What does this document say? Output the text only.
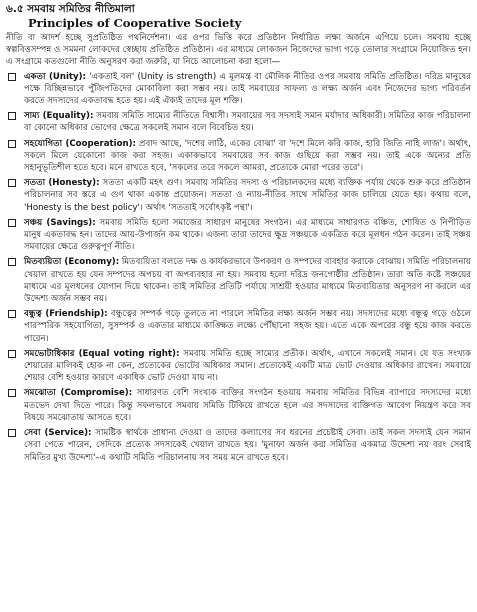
৬.৫ সমবায় সমিতির নীতিমালা
Principles of Cooperative Society

নীতি বা আদর্শ হচ্ছে সুপ্রতিষ্ঠিত পথনির্দেশনা। এর ওপর ভিত্তি করে প্রতিষ্ঠান নির্ধারিত লক্ষ্য অর্জনে এগিয়ে চলে। সমবায় হচ্ছে স্বল্পবিত্তসম্পন্ন ও সমমনা লোকদের স্বেচ্ছায় প্রতিষ্ঠিত প্রতিষ্ঠান। এর মাধ্যমে লোকজন নিজেদের ভাগ্য গড়ে তোলার সংগ্রামে নিয়োজিত হন। এ সংগ্রামে কতগুলো নীতি অনুসরণ করা জরুরি, যা নিচে আলোচনা করা হলো—

একতা (Unity): 'একতাই বল' (Unity is strength) এ মূলমন্ত্র বা মৌলিক নীতির ওপর সমবায় সমিতি প্রতিষ্ঠিত। দরিদ্র মানুষের পক্ষে বিচ্ছিন্নভাবে পুঁজিপতিদের মোকাবিলা করা সম্ভব নয়। তাই সমবায়ের সাফল্য ও লক্ষ্য অর্জন এবং নিজেদের ভাগ্য পরিবর্তন করতে সদস্যদের একতাবদ্ধ হতে হয়। এই ঐক্যই তাদের মূল শক্তি।
সাম্য (Equality): সমবায় সমিতি সাম্যের নীতিতে বিশ্বাসী। সমবায়ের সব সদস্যই সমান মর্যাদার অধিকারী। সমিতির কাজ পরিচালনা বা কোনো অধিকার ভোগের ক্ষেত্রে সকলেই সমান বলে বিবেচিত হয়।
সহযোগিতা (Cooperation): প্রবাদ আছে, 'দশের লাঠি, একের বোঝা' বা 'দশে মিলে করি কাজ, হারি জিতি নাহি লাজ'। অর্থাৎ, সকলে মিলে যেকোনো কাজ করা সহজ। একাকভাবে সমবায়ের সব কাজ গুছিয়ে করা সম্ভব নয়। তাই একে অন্যের প্রতি সহানুভূতিশীল হতে হবে। মনে রাখতে হবে, 'সকলের তরে সকলে আমরা, প্রত্যেকে মোরা পরের তরে'।
সততা (Honesty): সততা একটি মহৎ গুণ। সমবায় সমিতির সদস্য ও পরিচালকদের মধ্যে ব্যক্তিক পর্যায় থেকে শুরু করে প্রতিষ্ঠান পরিচালনার সব স্তরে এ গুণ থাকা একান্ত প্রয়োজন। সততা ও ন্যায়-নীতির সাথে সমিতির কাজ চালিয়ে যেতে হয়। কথায় বলে, 'Honesty is the best policy'। অর্থাৎ 'সততাই সর্বোৎকৃষ্ট পন্থা'।
সঞ্চয় (Savings): সমবায় সমিতি হলো সমাজের সাধারণ মানুষের সংগঠন। এর মাধ্যমে সাধারণত বঞ্চিত, শোষিত ও নিপীড়িত মানুষ একতাবদ্ধ হন। তাদের আয়-উপার্জন কম থাকে। এজন্য তারা তাদের ক্ষুদ্র সঞ্চয়কে একত্রিত করে মূলধন গঠন করেন। তাই সঞ্চয় সমবায়ের ক্ষেত্রে গুরুত্বপূর্ণ নীতি।
মিতব্যয়িতা (Economy): মিতব্যয়িতা বলতে দক্ষ ও কার্যকরভাবে উপকরণ ও সম্পদের ব্যবহার করাকে বোঝায়। সমিতি পরিচালনায় খেয়াল রাখতে হয় যেন সম্পদের অপচয় বা অপব্যবহার না হয়। সমবায় হলো দরিদ্র জনগোষ্ঠীর প্রতিষ্ঠান। তারা অতি কষ্টে সঞ্চয়ের মাধ্যমে এর মূলধনের যোগান দিয়ে থাকেন। তাই সমিতির প্রতিটি পর্যায়ে সাশ্রয়ী হওয়ার মাধ্যমে মিতব্যয়িতার অনুসরণ না করলে এর উদ্দেশ্য অর্জন সম্ভব নয়।
বন্ধুত্ব (Friendship): বন্ধুত্বের সম্পর্ক গড়ে তুলতে না পারলে সমিতির লক্ষ্য অর্জন সম্ভব নয়। সদস্যদের মধ্যে বন্ধুত্ব গড়ে ওঠলে পারস্পরিক সহযোগিতা, সুসম্পর্ক ও একতার মাধ্যমে কাঙ্ক্ষিত লক্ষ্যে পৌঁছানো সহজ হয়। এতে একে অপরের বন্ধু হয়ে কাজ করতে পারেন।
সমভোটাধিকার (Equal voting right): সমবায় সমিতি হচ্ছে সাম্যের প্রতীক। অর্থাৎ, এখানে সকলেই সমান। যে যত সংখ্যক শেয়ারের মালিকই হোক না কেন, প্রত্যেকের ভোটের অধিকার সমান। প্রত্যেকেই একটি মাত্র ভোট দেওয়ার অধিকার রাখেন। সমবায়ে শেয়ার বেশি হওয়ার কারণে একাধিক ভোট দেওয়া যায় না।
সমঝোতা (Compromise): সাধারণত বেশি সংখ্যক ব্যক্তির সংগঠন হওয়ায় সমবায় সমিতির বিভিন্ন ব্যাপারে সদস্যদের মধ্যে মতভেদ দেখা দিতে পারে। কিন্তু সফলভাবে সমবায় সমিতি টিকিয়ে রাখতে হলে এর সদস্যদের ব্যক্তিগত আবেগ নিয়ন্ত্রণ করে সব বিষয়ে সমঝোতায় আসতে হবে।
সেবা (Service): সামষ্টিক স্বার্থকে প্রাধান্য দেওয়া ও তাদের কল্যাণের সব ধরনের প্রচেষ্টাই সেবা। তাই সকল সদস্যই যেন সমান সেবা পেতে পারেন, সেদিকে প্রত্যেক সদস্যকেই খেয়াল রাখতে হয়। 'মুনাফা অর্জন করা সমিতির একমাত্র উদ্দেশ্য নয় বরং সেবাই সমিতির মুখ্য উদ্দেশ্য'–এ কথাটি সমিতি পরিচালনায় সব সময় মনে রাখতে হবে।
